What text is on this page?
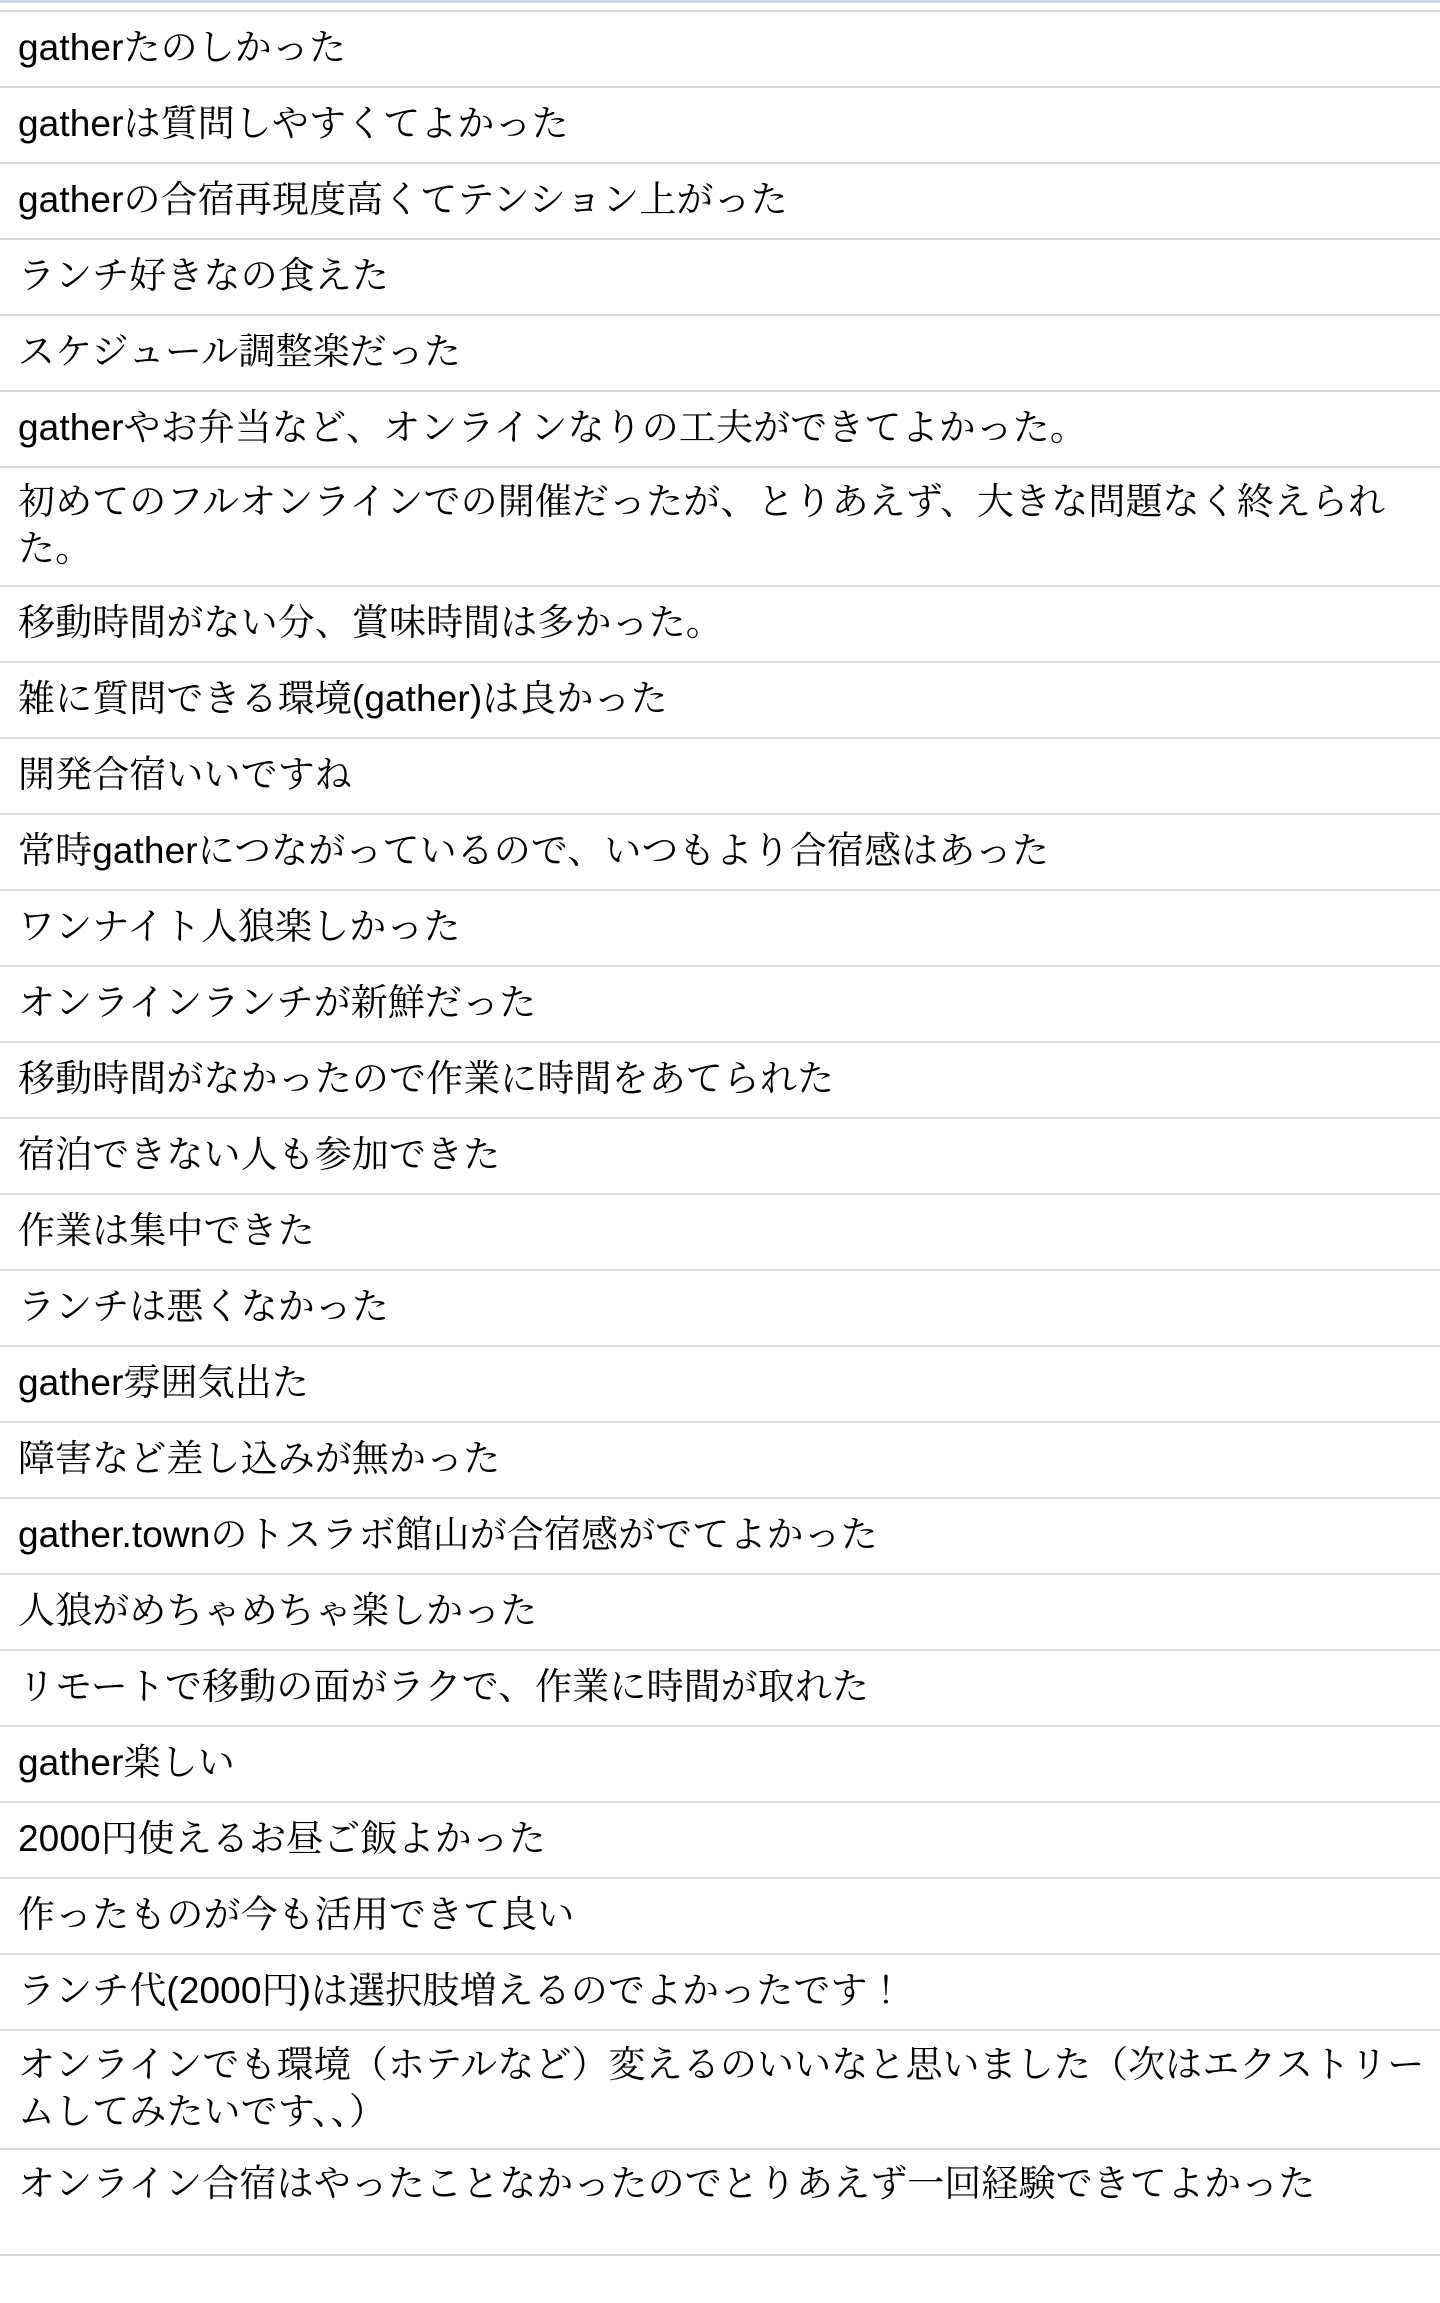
gatherたのしかった
gatherは質問しやすくてよかった
gatherの合宿再現度高くてテンション上がった
ランチ好きなの食えた
スケジュール調整楽だった
gatherやお弁当など、オンラインなりの工夫ができてよかった。
初めてのフルオンラインでの開催だったが、とりあえず、大きな問題なく終えられた。
移動時間がない分、賞味時間は多かった。
雑に質問できる環境(gather)は良かった
開発合宿いいですね
常時gatherにつながっているので、いつもより合宿感はあった
ワンナイト人狼楽しかった
オンラインランチが新鮮だった
移動時間がなかったので作業に時間をあてられた
宿泊できない人も参加できた
作業は集中できた
ランチは悪くなかった
gather雰囲気出た
障害など差し込みが無かった
gather.townのトスラボ館山が合宿感がでてよかった
人狼がめちゃめちゃ楽しかった
リモートで移動の面がラクで、作業に時間が取れた
gather楽しい
2000円使えるお昼ご飯よかった
作ったものが今も活用できて良い
ランチ代(2000円)は選択肢増えるのでよかったです！
オンラインでも環境（ホテルなど）変えるのいいなと思いました（次はエクストリームしてみたいです、、）
オンライン合宿はやったことなかったのでとりあえず一回経験できてよかった
